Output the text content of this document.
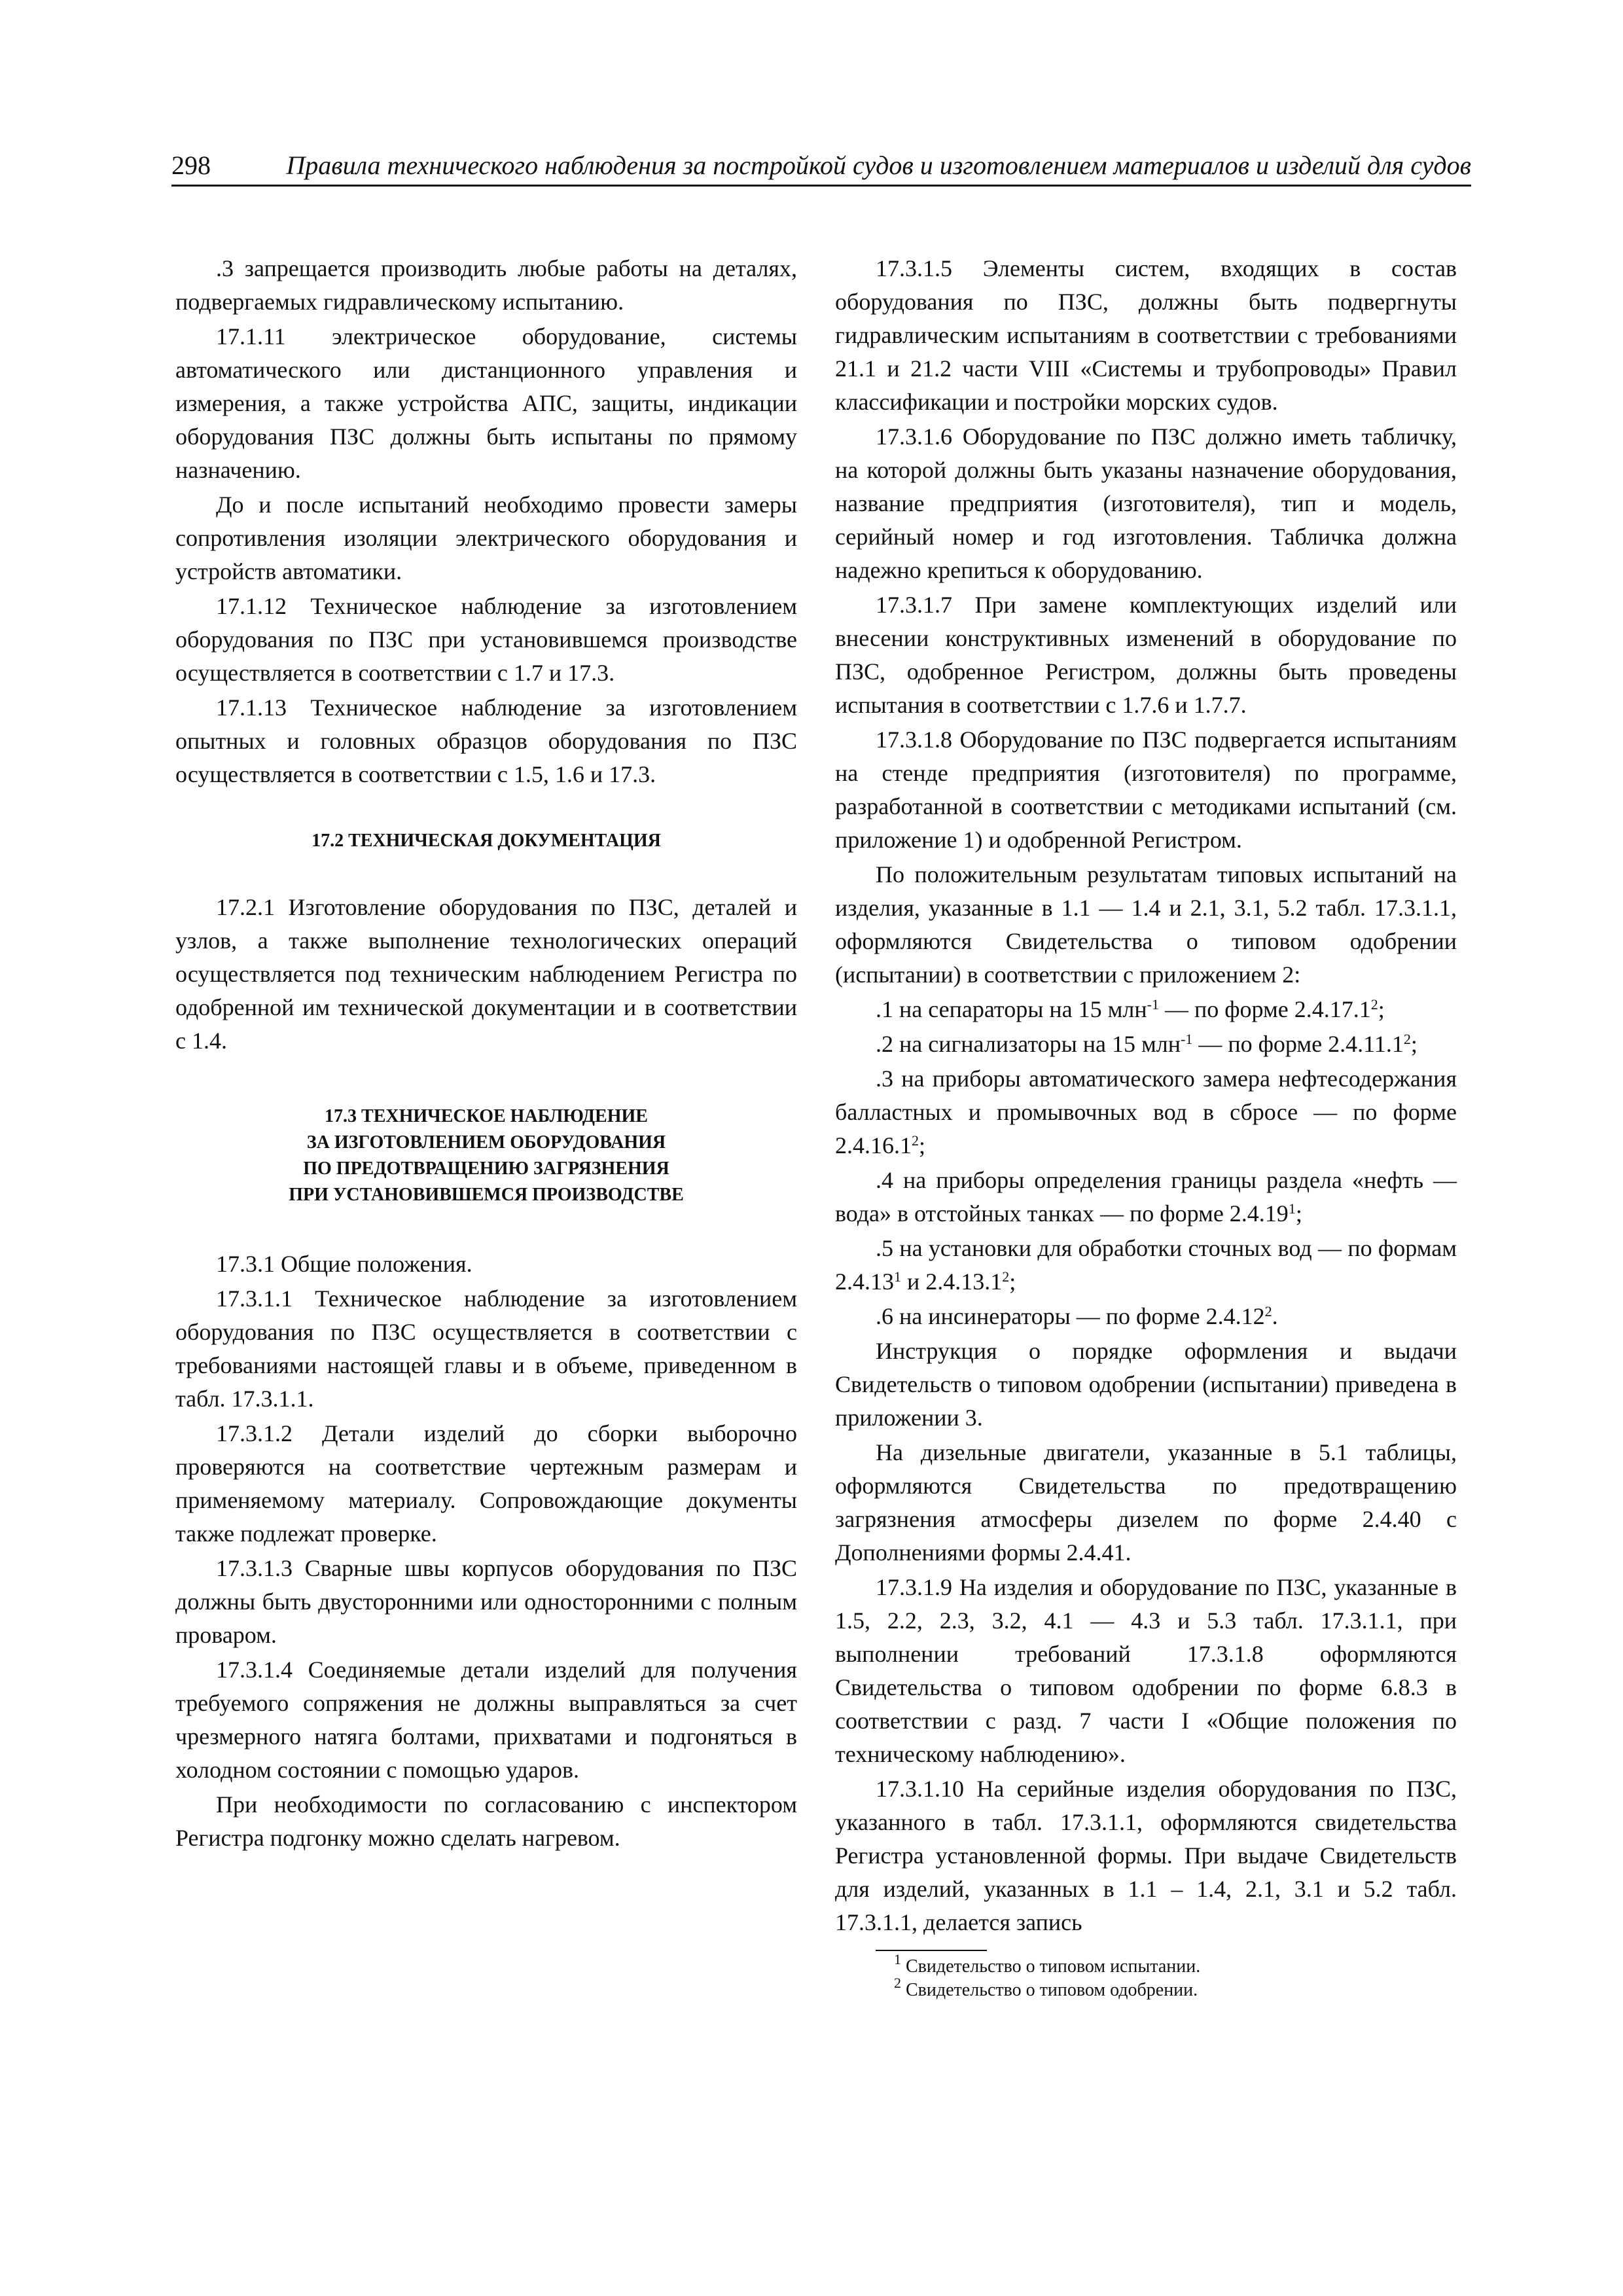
298	Правила технического наблюдения за постройкой судов и изготовлением материалов и изделий для судов

.3 запрещается производить любые работы на деталях, подвергаемых гидравлическому испытанию.

17.1.11 электрическое оборудование, системы автоматического или дистанционного управления и измерения, а также устройства АПС, защиты, индикации оборудования ПЗС должны быть испытаны по прямому назначению.

До и после испытаний необходимо провести замеры сопротивления изоляции электрического оборудования и устройств автоматики.

17.1.12 Техническое наблюдение за изготовлением оборудования по ПЗС при установившемся производстве осуществляется в соответствии с 1.7 и 17.3.

17.1.13 Техническое наблюдение за изготовлением опытных и головных образцов оборудования по ПЗС осуществляется в соответствии с 1.5, 1.6 и 17.3.

17.2 ТЕХНИЧЕСКАЯ ДОКУМЕНТАЦИЯ

17.2.1 Изготовление оборудования по ПЗС, деталей и узлов, а также выполнение технологических операций осуществляется под техническим наблюдением Регистра по одобренной им технической документации и в соответствии с 1.4.

17.3 ТЕХНИЧЕСКОЕ НАБЛЮДЕНИЕ
ЗА ИЗГОТОВЛЕНИЕМ ОБОРУДОВАНИЯ
ПО ПРЕДОТВРАЩЕНИЮ ЗАГРЯЗНЕНИЯ
ПРИ УСТАНОВИВШЕМСЯ ПРОИЗВОДСТВЕ

17.3.1 Общие положения.

17.3.1.1 Техническое наблюдение за изготовлением оборудования по ПЗС осуществляется в соответствии с требованиями настоящей главы и в объеме, приведенном в табл. 17.3.1.1.

17.3.1.2 Детали изделий до сборки выборочно проверяются на соответствие чертежным размерам и применяемому материалу. Сопровождающие документы также подлежат проверке.

17.3.1.3 Сварные швы корпусов оборудования по ПЗС должны быть двусторонними или односторонними с полным проваром.

17.3.1.4 Соединяемые детали изделий для получения требуемого сопряжения не должны выправляться за счет чрезмерного натяга болтами, прихватами и подгоняться в холодном состоянии с помощью ударов.

При необходимости по согласованию с инспектором Регистра подгонку можно сделать нагревом.

17.3.1.5 Элементы систем, входящих в состав оборудования по ПЗС, должны быть подвергнуты гидравлическим испытаниям в соответствии с требованиями 21.1 и 21.2 части VIII «Системы и трубопроводы» Правил классификации и постройки морских судов.

17.3.1.6 Оборудование по ПЗС должно иметь табличку, на которой должны быть указаны назначение оборудования, название предприятия (изготовителя), тип и модель, серийный номер и год изготовления. Табличка должна надежно крепиться к оборудованию.

17.3.1.7 При замене комплектующих изделий или внесении конструктивных изменений в оборудование по ПЗС, одобренное Регистром, должны быть проведены испытания в соответствии с 1.7.6 и 1.7.7.

17.3.1.8 Оборудование по ПЗС подвергается испытаниям на стенде предприятия (изготовителя) по программе, разработанной в соответствии с методиками испытаний (см. приложение 1) и одобренной Регистром.

По положительным результатам типовых испытаний на изделия, указанные в 1.1 — 1.4 и 2.1, 3.1, 5.2 табл. 17.3.1.1, оформляются Свидетельства о типовом одобрении (испытании) в соответствии с приложением 2:

.1 на сепараторы на 15 млн$^{-1}$ — по форме 2.4.17.1$^2$;

.2 на сигнализаторы на 15 млн$^{-1}$ — по форме 2.4.11.1$^2$;

.3 на приборы автоматического замера нефтесодержания балластных и промывочных вод в сбросе — по форме 2.4.16.1$^2$;

.4 на приборы определения границы раздела «нефть — вода» в отстойных танках — по форме 2.4.19$^1$;

.5 на установки для обработки сточных вод — по формам 2.4.13$^1$ и 2.4.13.1$^2$;

.6 на инсинераторы — по форме 2.4.12$^2$.

Инструкция о порядке оформления и выдачи Свидетельств о типовом одобрении (испытании) приведена в приложении 3.

На дизельные двигатели, указанные в 5.1 таблицы, оформляются Свидетельства по предотвращению загрязнения атмосферы дизелем по форме 2.4.40 с Дополнениями формы 2.4.41.

17.3.1.9 На изделия и оборудование по ПЗС, указанные в 1.5, 2.2, 2.3, 3.2, 4.1 — 4.3 и 5.3 табл. 17.3.1.1, при выполнении требований 17.3.1.8 оформляются Свидетельства о типовом одобрении по форме 6.8.3 в соответствии с разд. 7 части I «Общие положения по техническому наблюдению».

17.3.1.10 На серийные изделия оборудования по ПЗС, указанного в табл. 17.3.1.1, оформляются свидетельства Регистра установленной формы. При выдаче Свидетельств для изделий, указанных в 1.1 – 1.4, 2.1, 3.1 и 5.2 табл. 17.3.1.1, делается запись

$^1$ Свидетельство о типовом испытании.

$^2$ Свидетельство о типовом одобрении.
